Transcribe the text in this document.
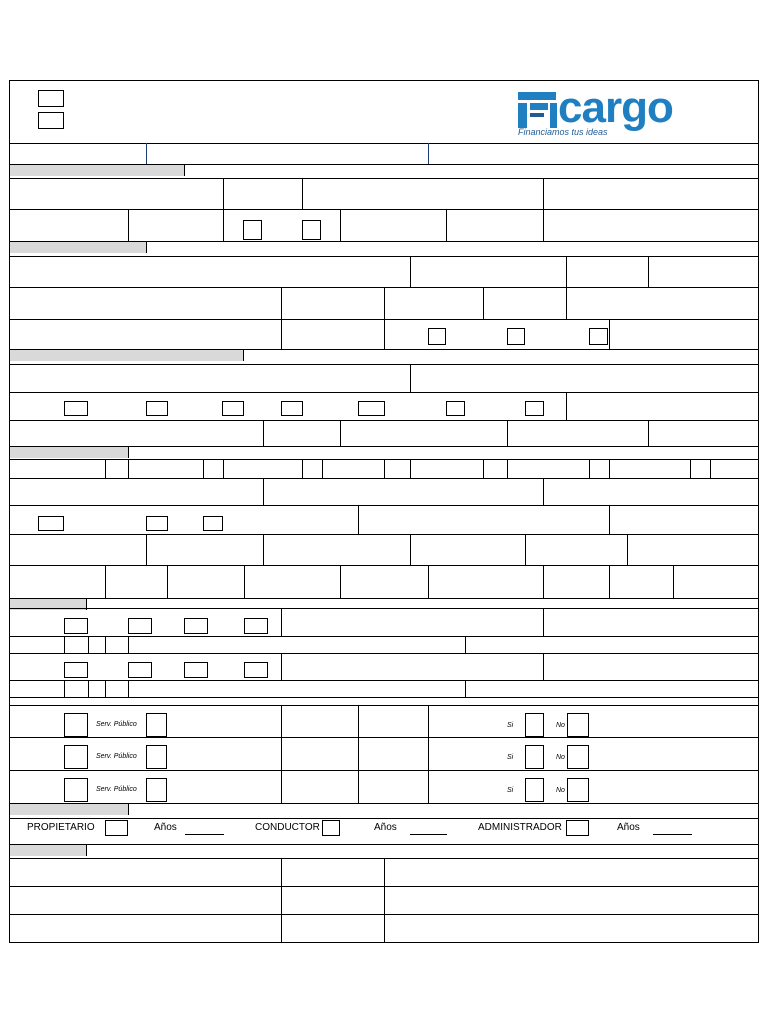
Serv. Público	Si	No
Serv. Público	Si	No
Serv. Público	Si	No
PROPIETARIO	Años	CONDUCTOR	Años	ADMINISTRADOR	Años
cargo
Financiamos tus ideas
